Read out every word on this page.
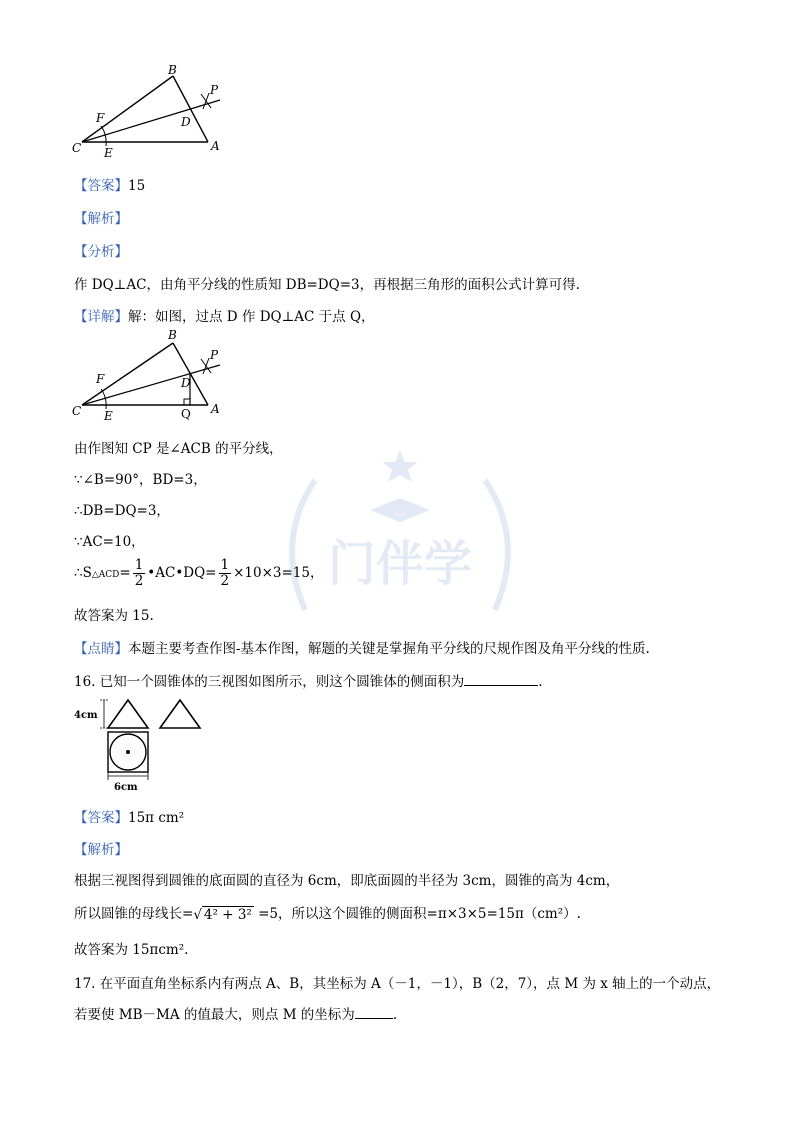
B
P
F	D
C E	A
【答案】15
【解析】
【分析】
作 DQ⊥AC，由角平分线的性质知 DB=DQ=3，再根据三角形的面积公式计算可得.
【详解】解：如图，过点 D 作 DQ⊥AC 于点 Q，
B
P
F	D
C E	Q A
门伴学
由作图知 CP 是∠ACB 的平分线，
∵∠B=90°，BD=3，
∴DB=DQ=3，
∵AC=10，
∴S△ACD= $\frac{1}{2}$ •AC•DQ= $\frac{1}{2} \times 10\times 3=15$，
故答案为 15.
【点睛】本题主要考查作图-基本作图，解题的关键是掌握角平分线的尺规作图及角平分线的性质.
16. 已知一个圆锥体的三视图如图所示，则这个圆锥体的侧面积为	.
4cm
6cm
【答案】15π cm²
【解析】
根据三视图得到圆锥的底面圆的直径为 6cm，即底面圆的半径为 3cm，圆锥的高为 4cm，
所以圆锥的母线长= √ 4² + 3² =5，所以这个圆锥的侧面积=π×3×5=15π（cm²）.
故答案为 15πcm².
17. 在平面直角坐标系内有两点 A、B，其坐标为 A（－1，－1），B（2，7），点 M 为 x 轴上的一个动点，
若要使 MB－MA 的值最大，则点 M 的坐标为	.
